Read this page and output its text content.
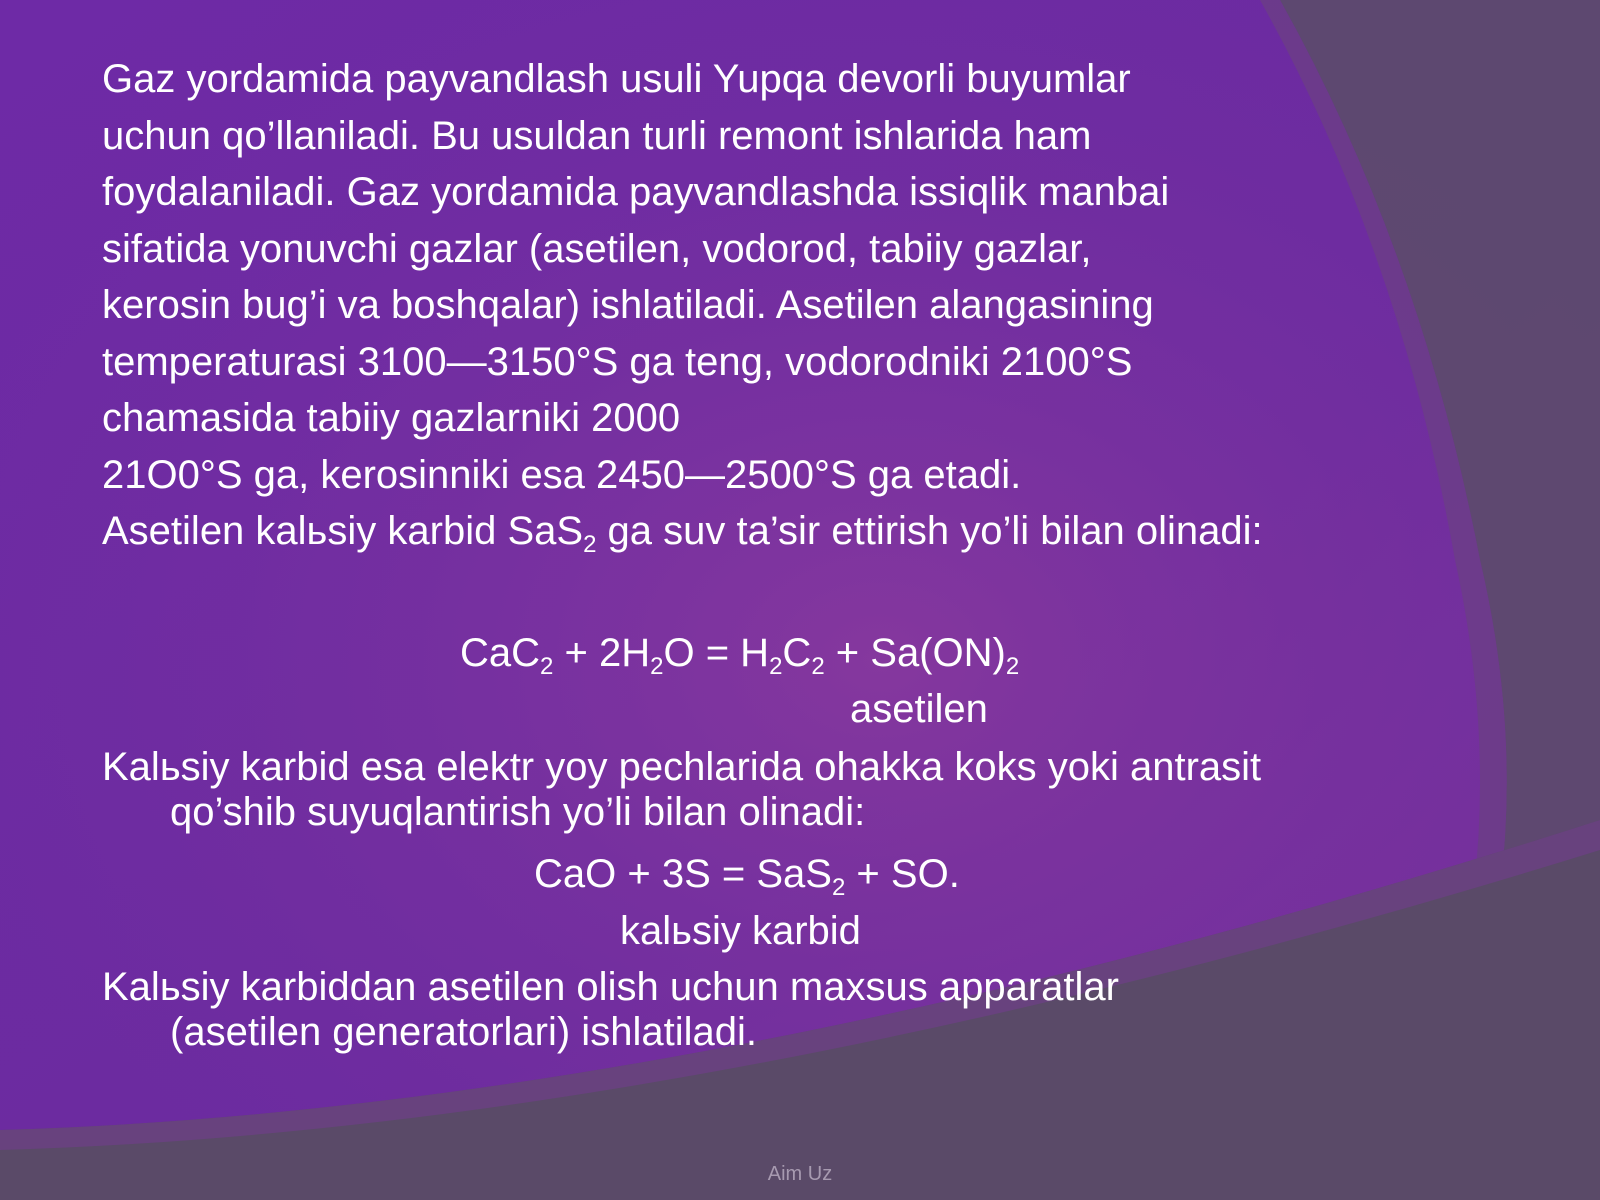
Gaz yordamida payvandlash usuli Yupqa devorli buyumlar
uchun qo’llaniladi. Bu usuldan turli remont ishlarida ham
foydalaniladi. Gaz yordamida payvandlashda issiqlik manbai
sifatida yonuvchi gazlar (asetilen, vodorod, tabiiy gazlar,
kerosin bug’i va boshqalar) ishlatiladi. Asetilen alangasining
temperaturasi 3100—3150°S ga teng, vodorodniki 2100°S
chamasida tabiiy gazlarniki 2000
21O0°S ga, kerosinniki esa 2450—2500°S ga etadi.
Asetilen kalьsiy karbid SaS$_2$ ga suv ta’sir ettirish yo’li bilan olinadi:
$CaC_2 + 2H_2O = H_2C_2 + Sa(ON)_2$
asetilen
Kalьsiy karbid esa elektr yoy pechlarida ohakka koks yoki antrasit
qo’shib suyuqlantirish yo’li bilan olinadi:
CaO + 3S = SaS$_2$ + SO.
kalьsiy karbid
Kalьsiy karbiddan asetilen olish uchun maxsus apparatlar
(asetilen generatorlari) ishlatiladi.
Aim Uz
